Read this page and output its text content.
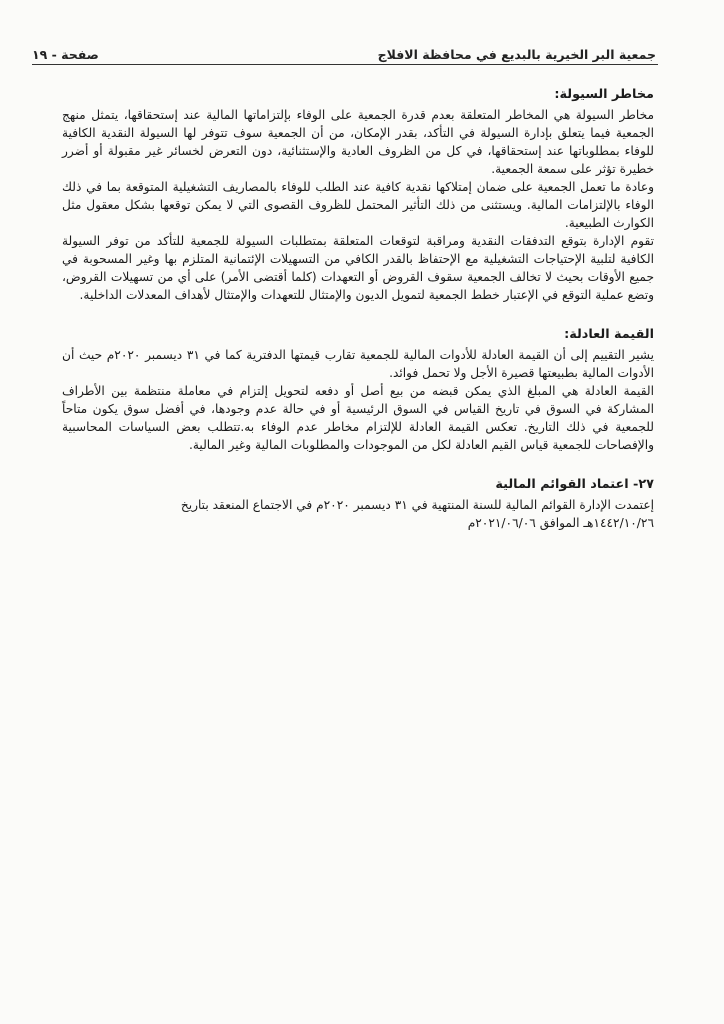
صفحة - ١٩	جمعية البر الخيرية بالبديع في محافظة الافلاج
مخاطر السيولة:

مخاطر السيولة هي المخاطر المتعلقة بعدم قدرة الجمعية على الوفاء بإلتزاماتها المالية عند إستحقاقها، يتمثل منهج الجمعية فيما يتعلق بإدارة السيولة في التأكد، بقدر الإمكان، من أن الجمعية سوف تتوفر لها السيولة النقدية الكافية للوفاء بمطلوباتها عند إستحقاقها، في كل من الظروف العادية والإستثنائية، دون التعرض لخسائر غير مقبولة أو أضرر خطيرة تؤثر على سمعة الجمعية.

وعادة ما تعمل الجمعية على ضمان إمتلاكها نقدية كافية عند الطلب للوفاء بالمصاريف التشغيلية المتوقعة بما في ذلك الوفاء بالإلتزامات المالية. ويستثنى من ذلك التأثير المحتمل للظروف القصوى التي لا يمكن توقعها بشكل معقول مثل الكوارث الطبيعية.

تقوم الإدارة بتوقع التدفقات النقدية ومراقبة لتوقعات المتعلقة بمتطلبات السيولة للجمعية للتأكد من توفر السيولة الكافية لتلبية الإحتياجات التشغيلية مع الإحتفاظ بالقدر الكافي من التسهيلات الإئتمانية المتلزم بها وغير المسحوبة في جميع الأوقات بحيث لا تخالف الجمعية سقوف القروض أو التعهدات (كلما أقتضى الأمر) على أي من تسهيلات القروض، وتضع عملية التوقع في الإعتبار خطط الجمعية لتمويل الديون والإمتثال للتعهدات والإمتثال لأهداف المعدلات الداخلية.

القيمة العادلة:

يشير التقييم إلى أن القيمة العادلة للأدوات المالية للجمعية تقارب قيمتها الدفترية كما في ٣١ ديسمبر ٢٠٢٠م حيث أن الأدوات المالية بطبيعتها قصيرة الأجل ولا تحمل فوائد.

القيمة العادلة هي المبلغ الذي يمكن قبضه من بيع أصل أو دفعه لتحويل إلتزام في معاملة منتظمة بين الأطراف المشاركة في السوق في تاريخ القياس في السوق الرئيسية أو في حالة عدم وجودها، في أفضل سوق يكون متاحاً للجمعية في ذلك التاريخ. تعكس القيمة العادلة للإلتزام مخاطر عدم الوفاء به.تتطلب بعض السياسات المحاسبية والإفصاحات للجمعية قياس القيم العادلة لكل من الموجودات والمطلوبات المالية وغير المالية.

٢٧- اعتماد القوائم المالية
إعتمدت الإدارة القوائم المالية للسنة المنتهية في ٣١ ديسمبر ٢٠٢٠م في الاجتماع المنعقد بتاريخ
١٤٤٢/١٠/٢٦هـ الموافق ٢٠٢١/٠٦/٠٦م
